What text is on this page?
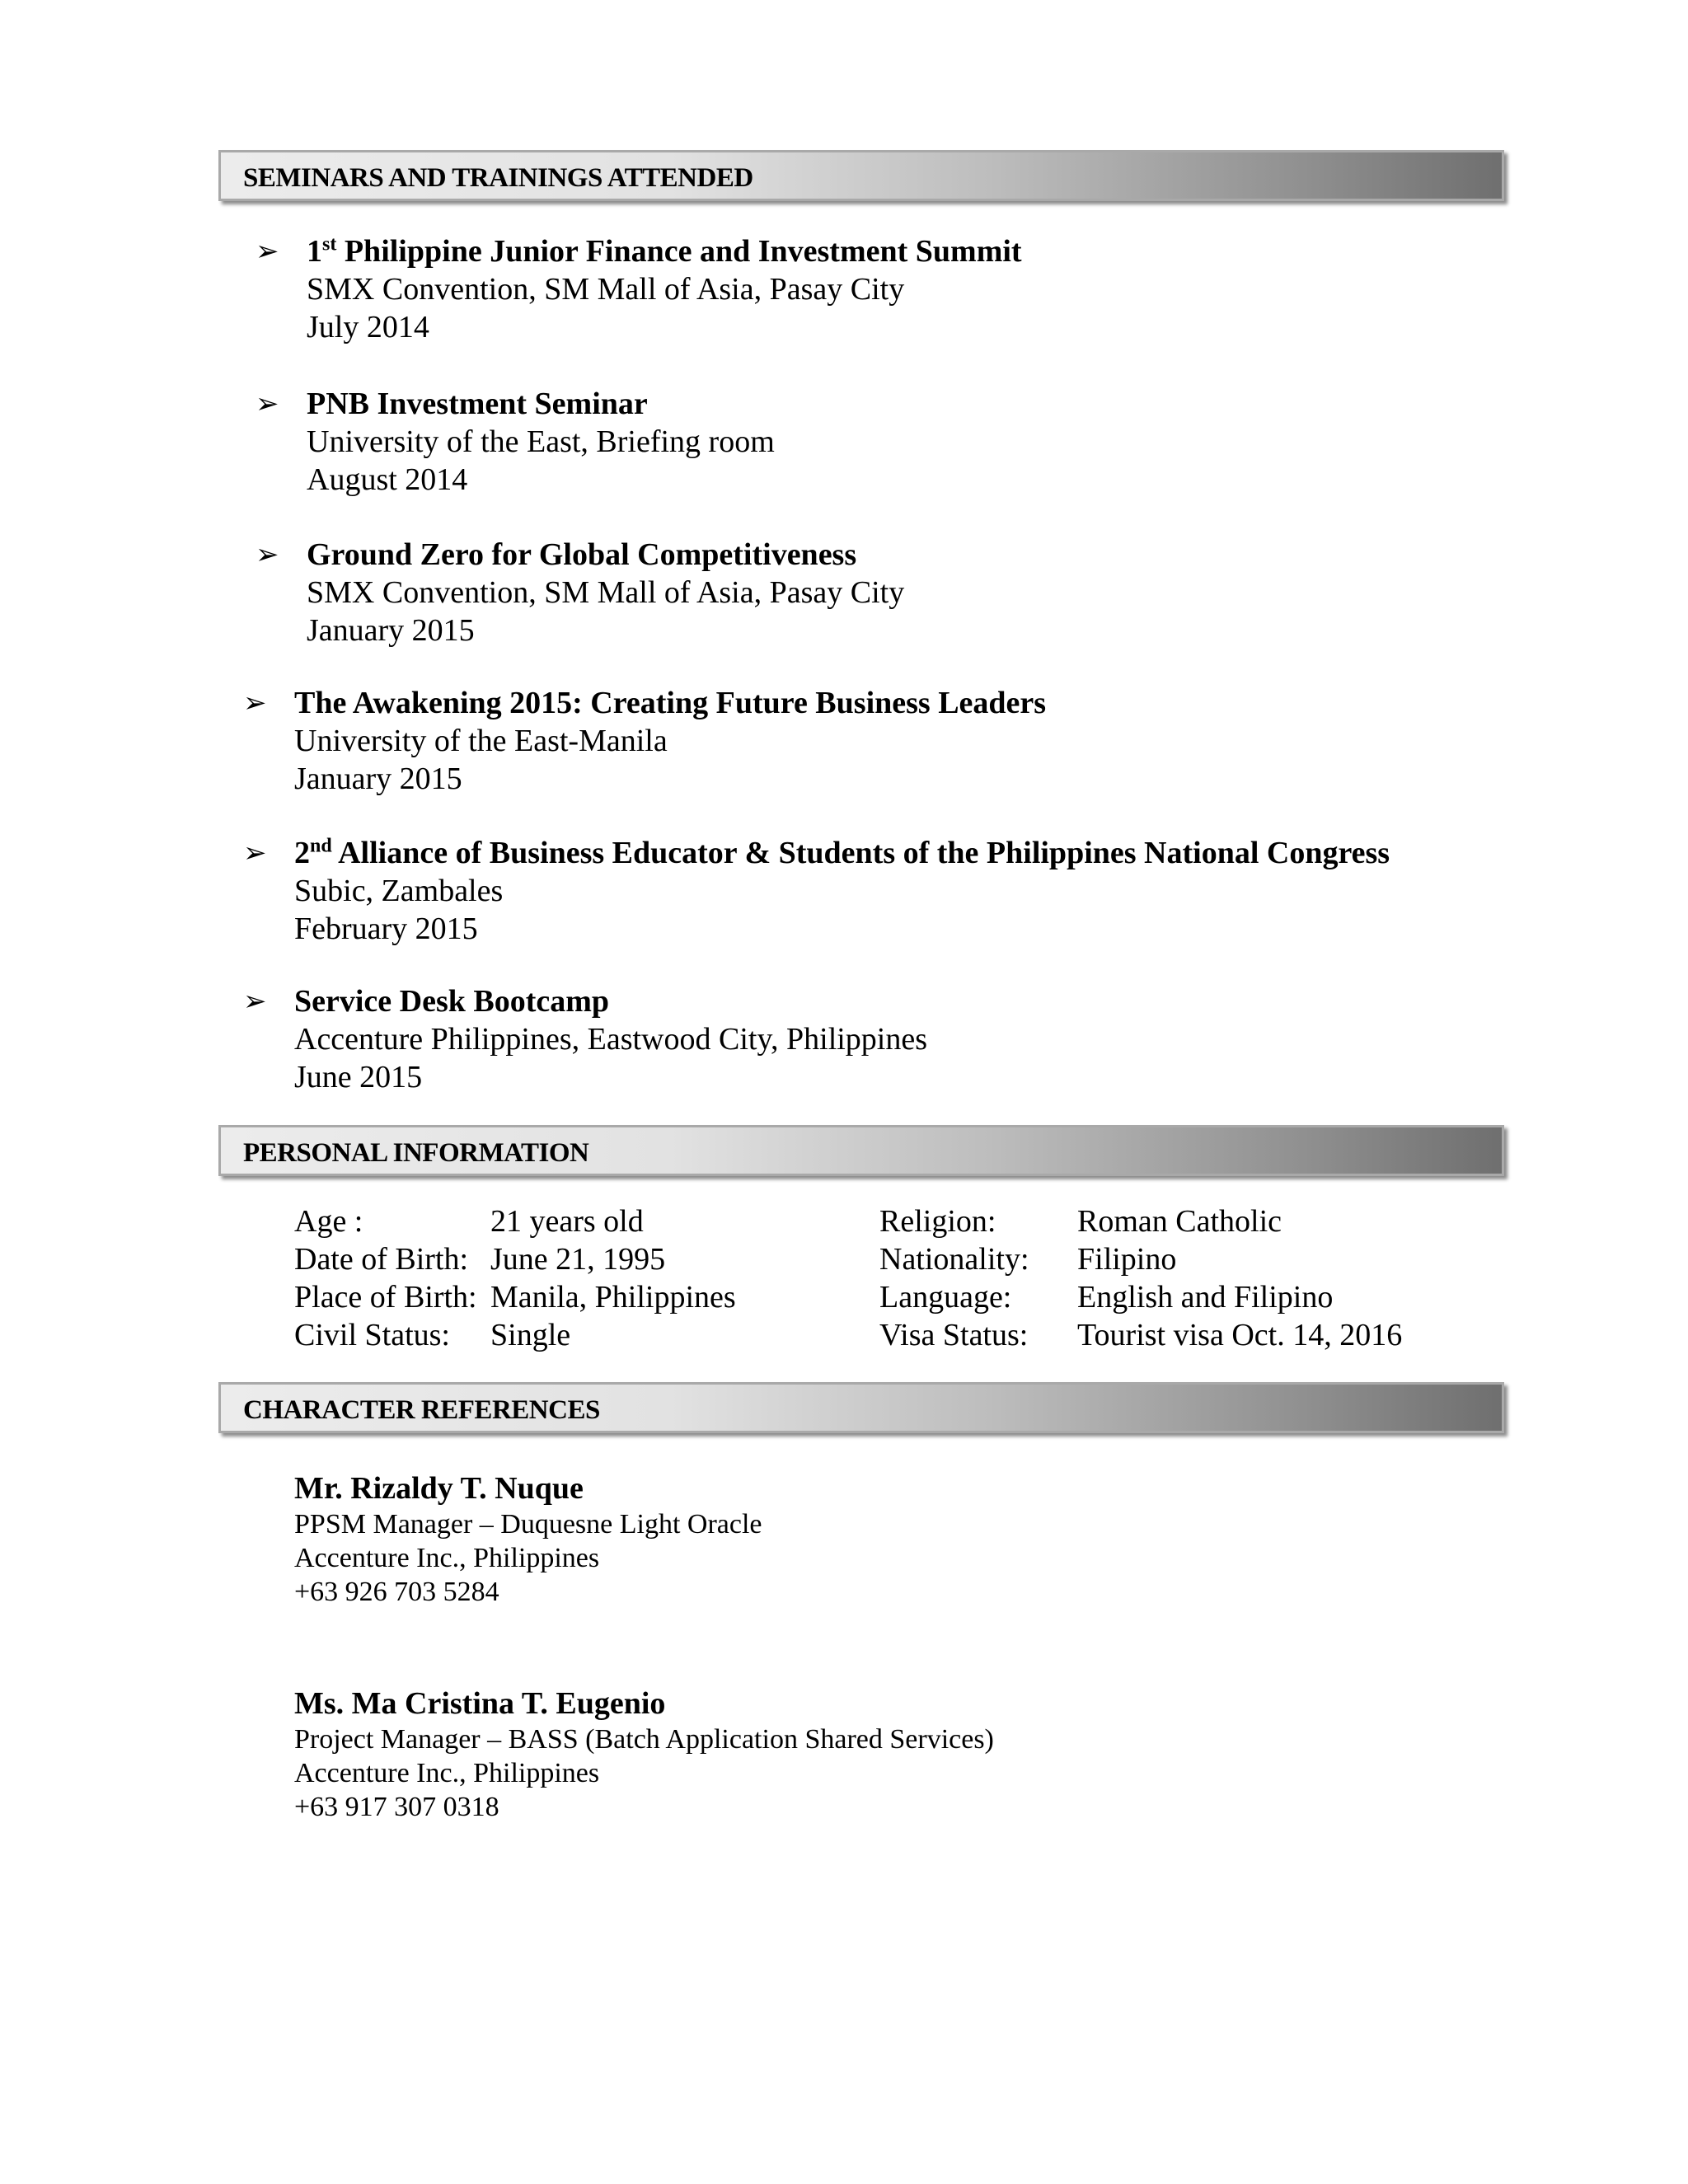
SEMINARS AND TRAININGS ATTENDED
➢ 1st Philippine Junior Finance and Investment Summit
SMX Convention, SM Mall of Asia, Pasay City
July 2014
➢ PNB Investment Seminar
University of the East, Briefing room
August 2014
➢ Ground Zero for Global Competitiveness
SMX Convention, SM Mall of Asia, Pasay City
January 2015
➢ The Awakening 2015: Creating Future Business Leaders
University of the East-Manila
January 2015
➢ 2nd Alliance of Business Educator & Students of the Philippines National Congress
Subic, Zambales
February 2015
➢ Service Desk Bootcamp
Accenture Philippines, Eastwood City, Philippines
June 2015
PERSONAL INFORMATION
Age :	21 years old
Date of Birth: June 21, 1995
Place of Birth: Manila, Philippines
Civil Status: Single
Religion:	Roman Catholic
Nationality: Filipino
Language: English and Filipino
Visa Status: Tourist visa Oct. 14, 2016
CHARACTER REFERENCES
Mr. Rizaldy T. Nuque
PPSM Manager – Duquesne Light Oracle
Accenture Inc., Philippines
+63 926 703 5284
Ms. Ma Cristina T. Eugenio
Project Manager – BASS (Batch Application Shared Services)
Accenture Inc., Philippines
+63 917 307 0318
